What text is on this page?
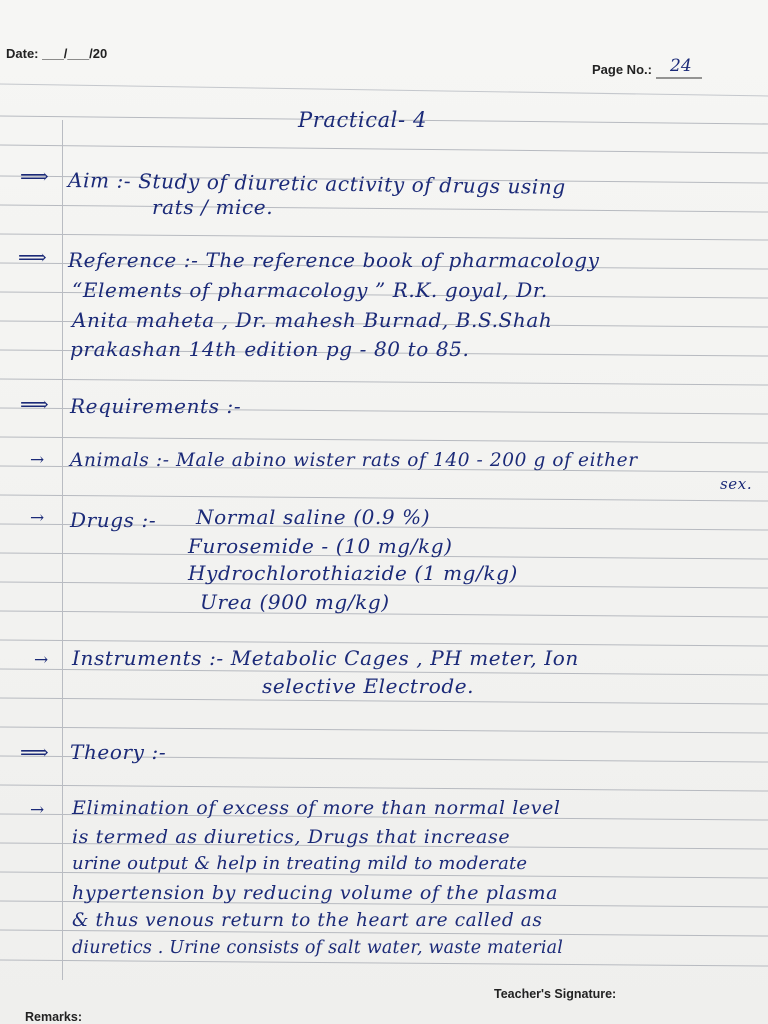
Date: ___/___/20
Page No.: 24
Practical- 4
⟹ Aim :- Study of diuretic activity of drugs using
rats / mice.
⟹ Reference :- The reference book of pharmacology
“Elements of pharmacology ” R.K. goyal, Dr.
Anita maheta , Dr. mahesh Burnad, B.S.Shah
prakashan 14th edition pg - 80 to 85.
⟹ Requirements :-
→ Animals :- Male abino wister rats of 140 - 200 g of either
sex.
→ Drugs :- Normal saline (0.9 %)
Furosemide - (10 mg/kg)
Hydrochlorothiazide (1 mg/kg)
Urea (900 mg/kg)
→ Instruments :- Metabolic Cages , PH meter, Ion
selective Electrode.
⟹ Theory :-
→ Elimination of excess of more than normal level
is termed as diuretics, Drugs that increase
urine output & help in treating mild to moderate
hypertension by reducing volume of the plasma
& thus venous return to the heart are called as
diuretics . Urine consists of salt water, waste material
Teacher's Signature:
Remarks:
